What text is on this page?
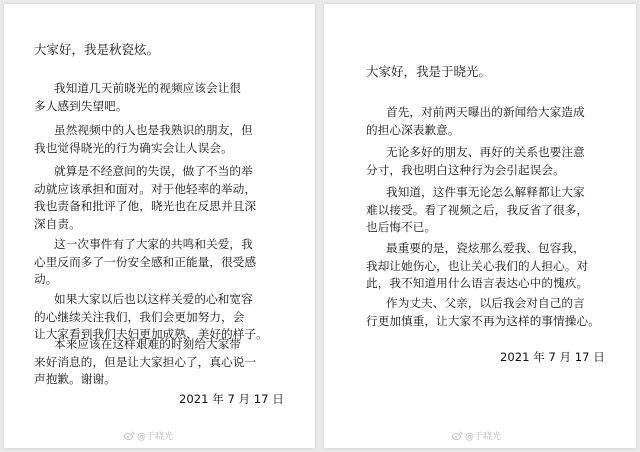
大家好，我是秋瓷炫。
我知道几天前晓光的视频应该会让很
多人感到失望吧。
虽然视频中的人也是我熟识的朋友，但
我也觉得晓光的行为确实会让人误会。
就算是不经意间的失误，做了不当的举
动就应该承担和面对。对于他轻率的举动，
我也责备和批评了他，晓光也在反思并且深
深自责。
这一次事件有了大家的共鸣和关爱，我
心里反而多了一份安全感和正能量，很受感
动。
如果大家以后也以这样关爱的心和宽容
的心继续关注我们，我们会更加努力，会
让大家看到我们夫妇更加成熟、美好的样子。
本来应该在这样艰难的时刻给大家带
来好消息的，但是让大家担心了，真心说一
声抱歉。谢谢。
2021 年 7 月 17 日
@于晓光
大家好，我是于晓光。
首先，对前两天曝出的新闻给大家造成
的担心深表歉意。
无论多好的朋友、再好的关系也要注意
分寸，我也明白这种行为会引起误会。
我知道，这件事无论怎么解释都让大家
难以接受。看了视频之后，我反省了很多，
也后悔不已。
最重要的是，瓷炫那么爱我、包容我，
我却让她伤心，也让关心我们的人担心。对
此，我不知道用什么语言表达心中的愧疚。
作为丈夫、父亲，以后我会对自己的言
行更加慎重，让大家不再为这样的事情操心。
2021 年 7 月 17 日
@于晓光
